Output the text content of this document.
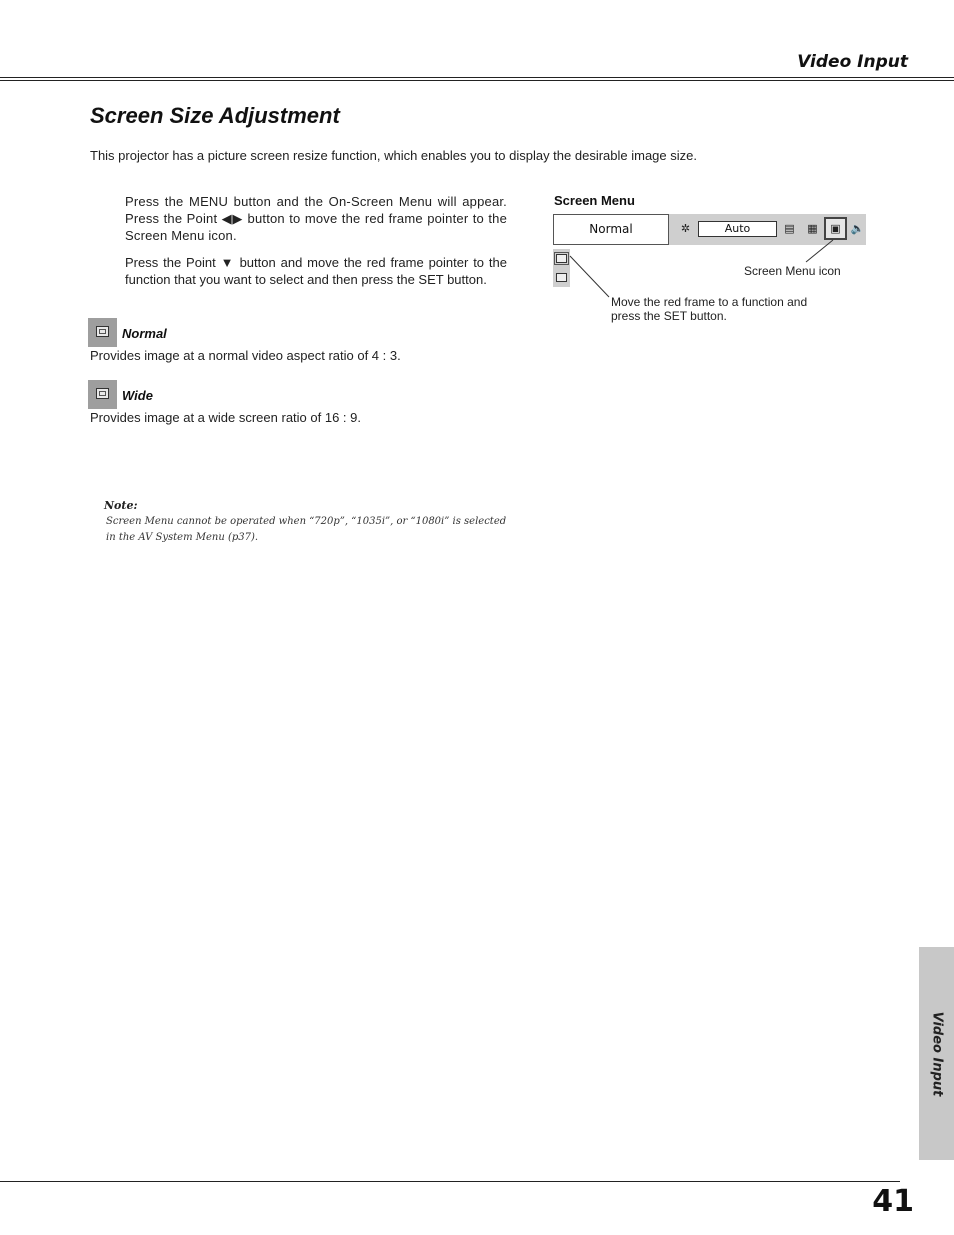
Video Input
Screen Size Adjustment
This projector has a picture screen resize function, which enables you to display the desirable image size.
Press the MENU button and the On-Screen Menu will appear. Press the Point ◀▶ button to move the red frame pointer to the Screen Menu icon.
Press the Point ▼ button and move the red frame pointer to the function that you want to select and then press the SET button.
Normal
Provides image at a normal video aspect ratio of 4 : 3.
Wide
Provides image at a wide screen ratio of 16 : 9.
Note:
Screen Menu cannot be operated when “720p”, “1035i”, or “1080i” is selected in the AV System Menu (p37).
Screen Menu
Normal	✲	Auto	▤ ▦	▣ 🔈
Screen Menu icon
Move the red frame to a function and press the SET button.
Video Input
41
